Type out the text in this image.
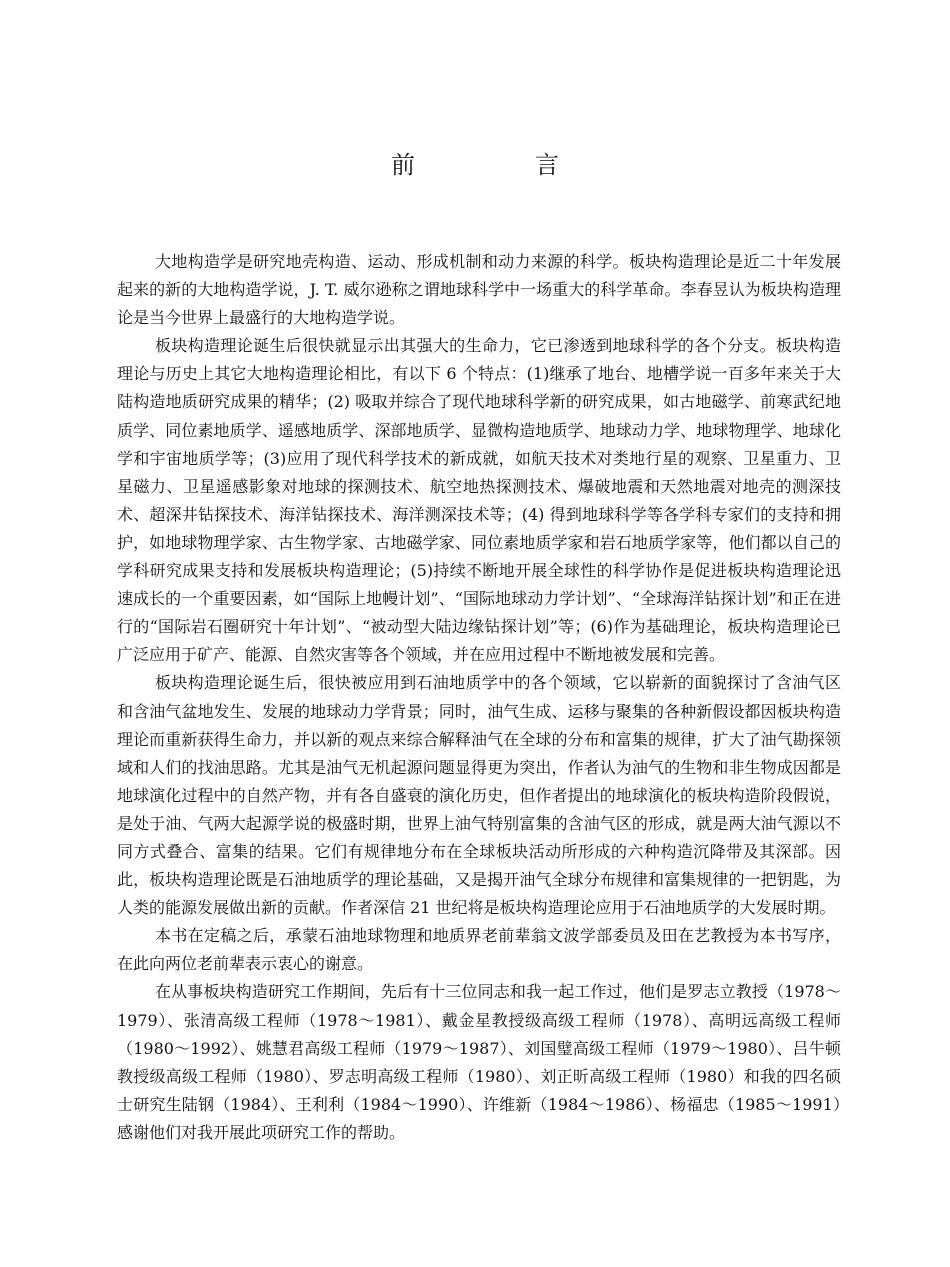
前　言

大地构造学是研究地壳构造、运动、形成机制和动力来源的科学。板块构造理论是近二十年发展起来的新的大地构造学说，J. T. 威尔逊称之谓地球科学中一场重大的科学革命。李春昱认为板块构造理论是当今世界上最盛行的大地构造学说。

板块构造理论诞生后很快就显示出其强大的生命力，它已渗透到地球科学的各个分支。板块构造理论与历史上其它大地构造理论相比，有以下 6 个特点：(1)继承了地台、地槽学说一百多年来关于大陆构造地质研究成果的精华；(2) 吸取并综合了现代地球科学新的研究成果，如古地磁学、前寒武纪地质学、同位素地质学、遥感地质学、深部地质学、显微构造地质学、地球动力学、地球物理学、地球化学和宇宙地质学等；(3)应用了现代科学技术的新成就，如航天技术对类地行星的观察、卫星重力、卫星磁力、卫星遥感影象对地球的探测技术、航空地热探测技术、爆破地震和天然地震对地壳的测深技术、超深井钻探技术、海洋钻探技术、海洋测深技术等；(4) 得到地球科学等各学科专家们的支持和拥护，如地球物理学家、古生物学家、古地磁学家、同位素地质学家和岩石地质学家等，他们都以自己的学科研究成果支持和发展板块构造理论；(5)持续不断地开展全球性的科学协作是促进板块构造理论迅速成长的一个重要因素，如“国际上地幔计划”、“国际地球动力学计划”、“全球海洋钻探计划”和正在进行的“国际岩石圈研究十年计划”、“被动型大陆边缘钻探计划”等；(6)作为基础理论，板块构造理论已广泛应用于矿产、能源、自然灾害等各个领域，并在应用过程中不断地被发展和完善。

板块构造理论诞生后，很快被应用到石油地质学中的各个领域，它以崭新的面貌探讨了含油气区和含油气盆地发生、发展的地球动力学背景；同时，油气生成、运移与聚集的各种新假设都因板块构造理论而重新获得生命力，并以新的观点来综合解释油气在全球的分布和富集的规律，扩大了油气勘探领域和人们的找油思路。尤其是油气无机起源问题显得更为突出，作者认为油气的生物和非生物成因都是地球演化过程中的自然产物，并有各自盛衰的演化历史，但作者提出的地球演化的板块构造阶段假说，是处于油、气两大起源学说的极盛时期，世界上油气特别富集的含油气区的形成，就是两大油气源以不同方式叠合、富集的结果。它们有规律地分布在全球板块活动所形成的六种构造沉降带及其深部。因此，板块构造理论既是石油地质学的理论基础，又是揭开油气全球分布规律和富集规律的一把钥匙，为人类的能源发展做出新的贡献。作者深信 21 世纪将是板块构造理论应用于石油地质学的大发展时期。

本书在定稿之后，承蒙石油地球物理和地质界老前辈翁文波学部委员及田在艺教授为本书写序，在此向两位老前辈表示衷心的谢意。

在从事板块构造研究工作期间，先后有十三位同志和我一起工作过，他们是罗志立教授（1978～1979）、张清高级工程师（1978～1981）、戴金星教授级高级工程师（1978）、高明远高级工程师（1980～1992）、姚慧君高级工程师（1979～1987）、刘国璧高级工程师（1979～1980）、吕牛顿教授级高级工程师（1980）、罗志明高级工程师（1980）、刘正昕高级工程师（1980）和我的四名硕士研究生陆钢（1984）、王利利（1984～1990）、许维新（1984～1986）、杨福忠（1985～1991）感谢他们对我开展此项研究工作的帮助。
